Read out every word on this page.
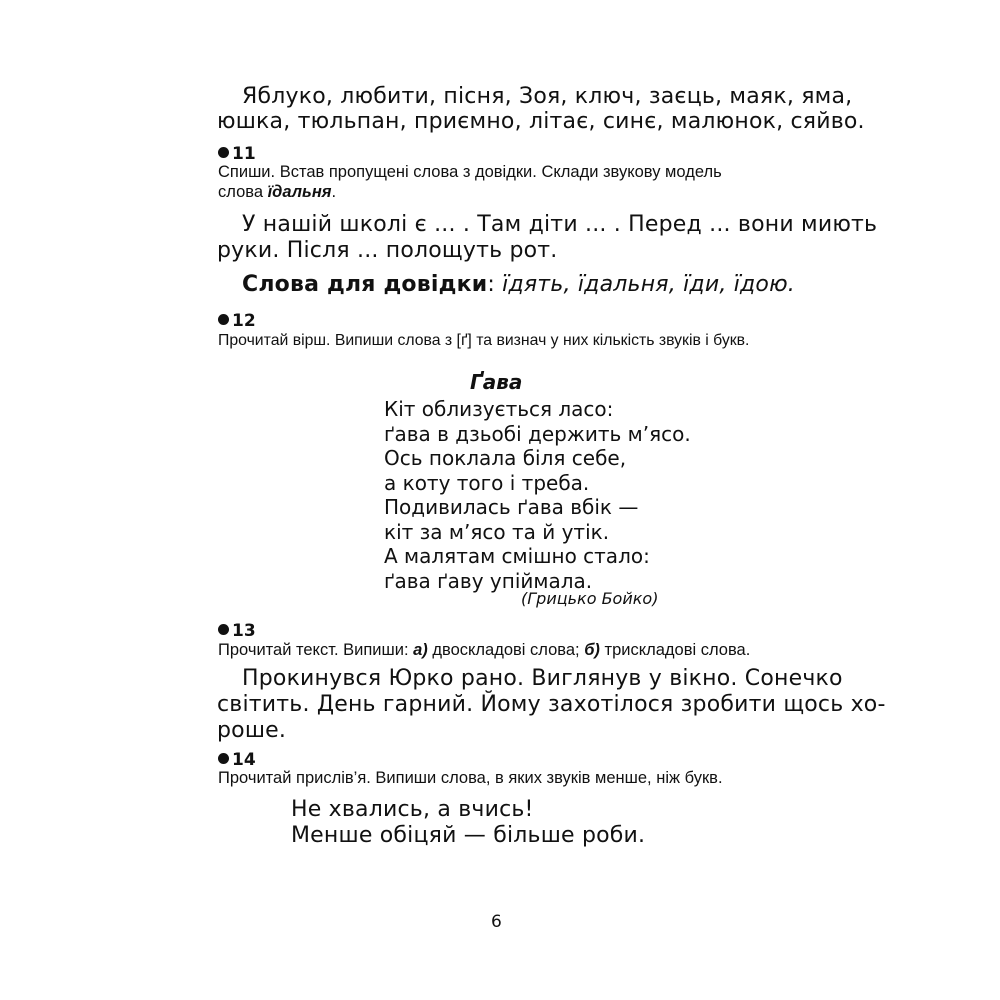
Яблуко, любити, пісня, Зоя, ключ, заєць, маяк, яма,
юшка, тюльпан, приємно, літає, синє, малюнок, сяйво.
11
Спиши. Встав пропущені слова з довідки. Склади звукову модель
слова їдальня.
У нашій школі є ... . Там діти ... . Перед ... вони миють
руки. Після ... полощуть рот.
Слова для довідки: їдять, їдальня, їди, їдою.
12
Прочитай вірш. Випиши слова з [ґ] та визнач у них кількість звуків і букв.
Ґава
Кіт облизується ласо:
ґава в дзьобі держить м’ясо.
Ось поклала біля себе,
а коту того і треба.
Подивилась ґава вбік —
кіт за м’ясо та й утік.
А малятам смішно стало:
ґава ґаву упіймала.
(Грицько Бойко)
13
Прочитай текст. Випиши: а) двоскладові слова; б) трискладові слова.
Прокинувся Юрко рано. Виглянув у вікно. Сонечко
світить. День гарний. Йому захотілося зробити щось хо-
роше.
14
Прочитай прислів’я. Випиши слова, в яких звуків менше, ніж букв.
Не хвались, а вчись!
Менше обіцяй — більше роби.
6
